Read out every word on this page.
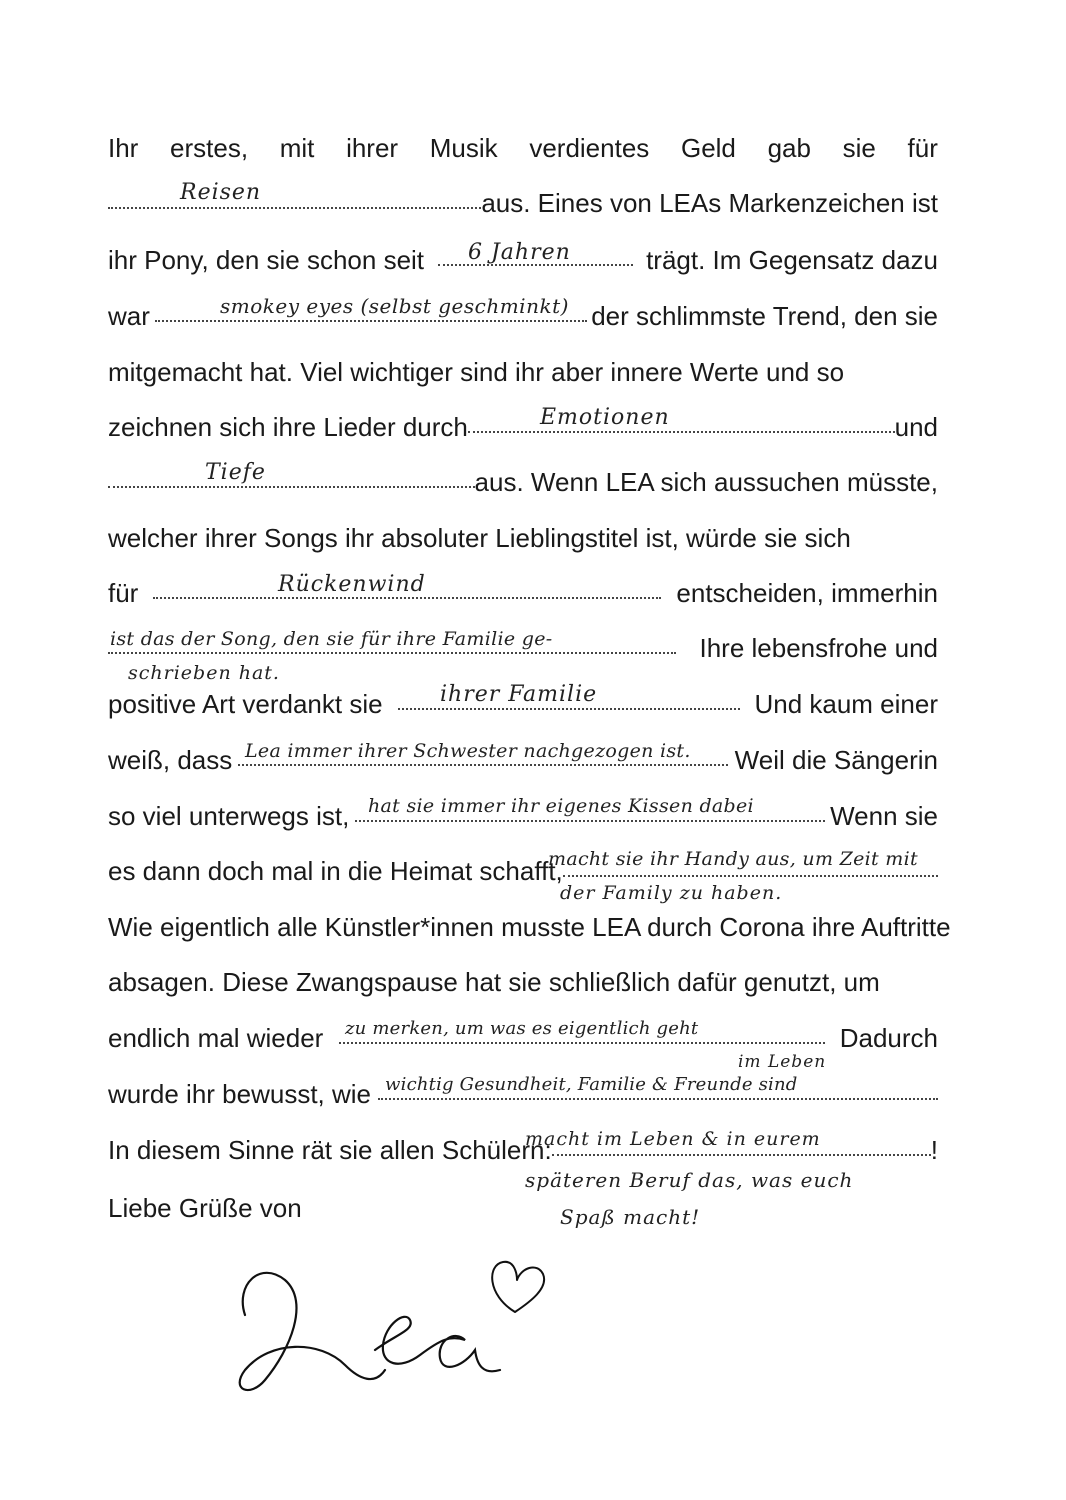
Ihr erstes, mit ihrer Musik verdientes Geld gab sie für
aus. Eines von LEAs Markenzeichen ist
Reisen
ihr Pony, den sie schon seit	trägt. Im Gegensatz dazu
6 Jahren
war	der schlimmste Trend, den sie
smokey eyes (selbst geschminkt)
mitgemacht hat. Viel wichtiger sind ihr aber innere Werte und so
zeichnen sich ihre Lieder durch	und
Emotionen
aus. Wenn LEA sich aussuchen müsste,
Tiefe
welcher ihrer Songs ihr absoluter Lieblingstitel ist, würde sie sich
für	entscheiden, immerhin
Rückenwind
Ihre lebensfrohe und
ist das der Song, den sie für ihre Familie ge-
schrieben hat.
positive Art verdankt sie	Und kaum einer
ihrer Familie
weiß, dass	Weil die Sängerin
Lea immer ihrer Schwester nachgezogen ist.
so viel unterwegs ist,	Wenn sie
hat sie immer ihr eigenes Kissen dabei
es dann doch mal in die Heimat schafft,
macht sie ihr Handy aus, um Zeit mit
der Family zu haben.
Wie eigentlich alle Künstler*innen musste LEA durch Corona ihre Auftritte
absagen. Diese Zwangspause hat sie schließlich dafür genutzt, um
endlich mal wieder	Dadurch
zu merken, um was es eigentlich geht
im Leben
wurde ihr bewusst, wie wichtig Gesundheit, Familie & Freunde sind
In diesem Sinne rät sie allen Schülern:	!
macht im Leben & in eurem
späteren Beruf das, was euch
Spaß macht!
Liebe Grüße von
